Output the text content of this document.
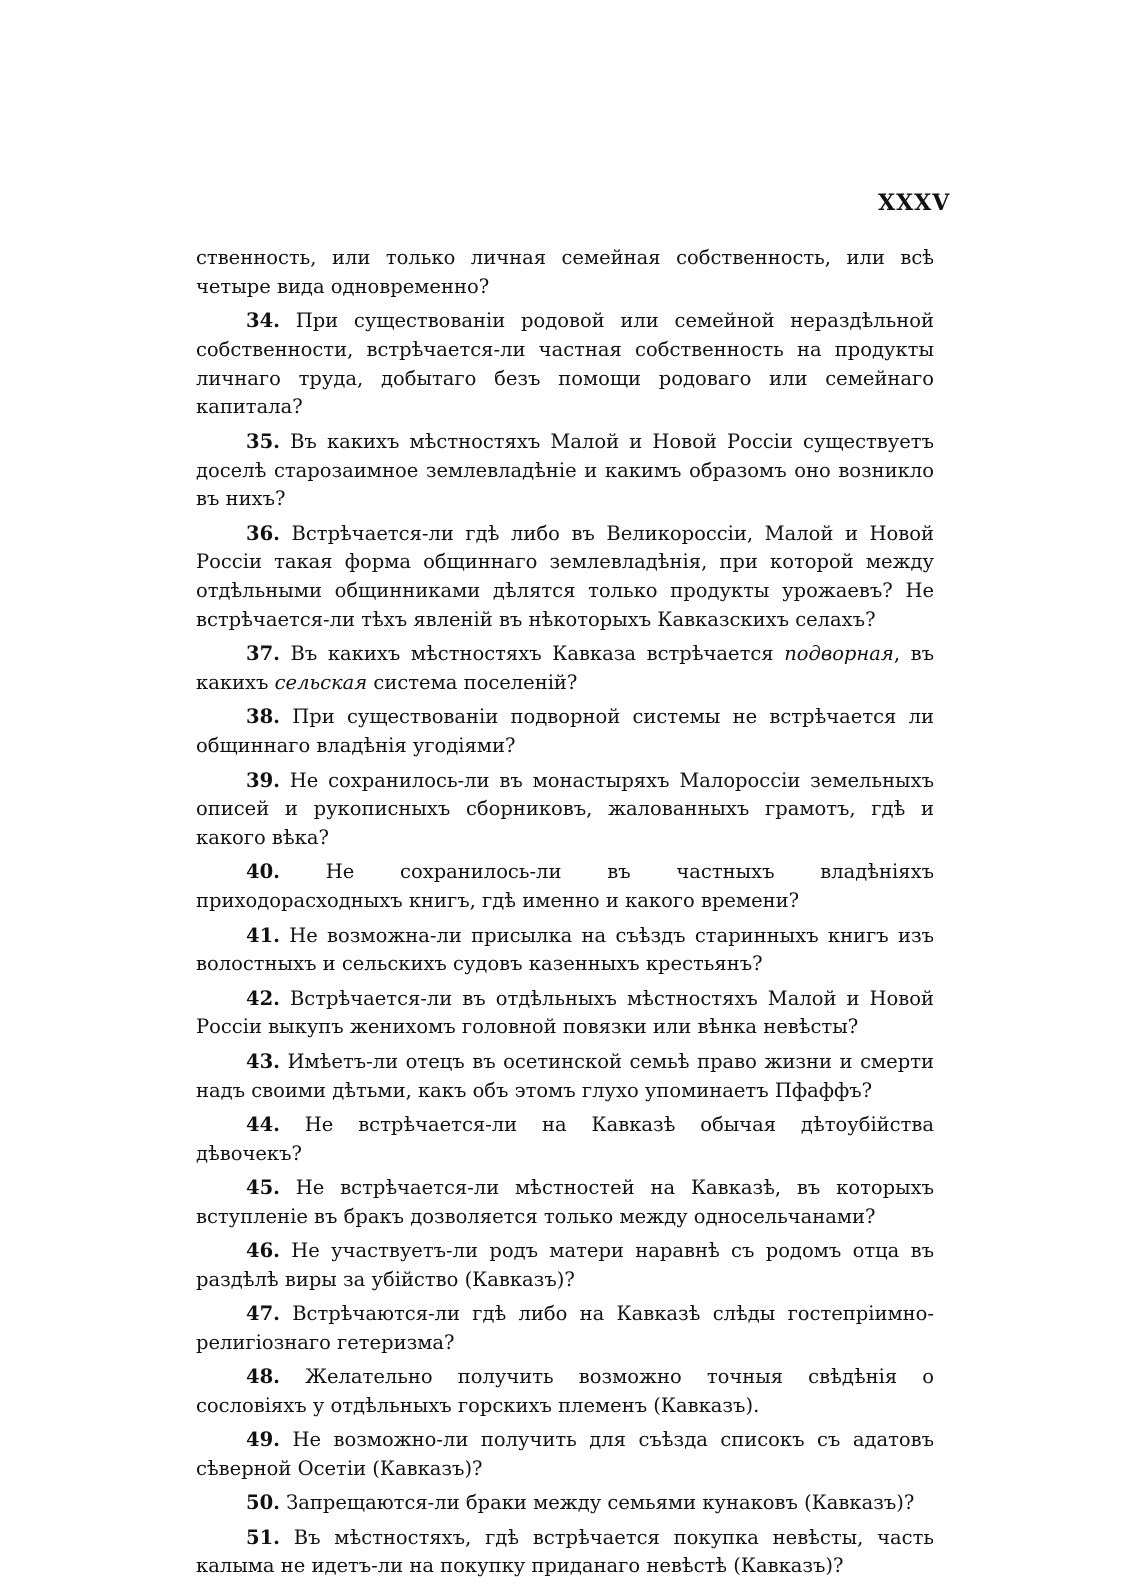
XXXV

ственность, или только личная семейная собственность, или всѣ четыре вида одновременно?

34. При существованіи родовой или семейной нераздѣльной собственности, встрѣчается-ли частная собственность на продукты личнаго труда, добытаго безъ помощи родоваго или семейнаго капитала?

35. Въ какихъ мѣстностяхъ Малой и Новой Россіи существуетъ доселѣ старозаимное землевладѣніе и какимъ образомъ оно возникло въ нихъ?

36. Встрѣчается-ли гдѣ либо въ Великороссіи, Малой и Новой Россіи такая форма общиннаго землевладѣнія, при которой между отдѣльными общинниками дѣлятся только продукты урожаевъ? Не встрѣчается-ли тѣхъ явленій въ нѣкоторыхъ Кавказскихъ селахъ?

37. Въ какихъ мѣстностяхъ Кавказа встрѣчается подворная, въ какихъ сельская система поселеній?

38. При существованіи подворной системы не встрѣчается ли общиннаго владѣнія угодіями?

39. Не сохранилось-ли въ монастыряхъ Малороссіи земельныхъ описей и рукописныхъ сборниковъ, жалованныхъ грамотъ, гдѣ и какого вѣка?

40. Не сохранилось-ли въ частныхъ владѣніяхъ приходорасходныхъ книгъ, гдѣ именно и какого времени?

41. Не возможна-ли присылка на съѣздъ старинныхъ книгъ изъ волостныхъ и сельскихъ судовъ казенныхъ крестьянъ?

42. Встрѣчается-ли въ отдѣльныхъ мѣстностяхъ Малой и Новой Россіи выкупъ женихомъ головной повязки или вѣнка невѣсты?

43. Имѣетъ-ли отецъ въ осетинской семьѣ право жизни и смерти надъ своими дѣтьми, какъ объ этомъ глухо упоминаетъ Пфаффъ?

44. Не встрѣчается-ли на Кавказѣ обычая дѣтоубійства дѣвочекъ?

45. Не встрѣчается-ли мѣстностей на Кавказѣ, въ которыхъ вступленіе въ бракъ дозволяется только между односельчанами?

46. Не участвуетъ-ли родъ матери наравнѣ съ родомъ отца въ раздѣлѣ виры за убійство (Кавказъ)?

47. Встрѣчаются-ли гдѣ либо на Кавказѣ слѣды гостепріимно-религіознаго гетеризма?

48. Желательно получить возможно точныя свѣдѣнія о сословіяхъ у отдѣльныхъ горскихъ племенъ (Кавказъ).

49. Не возможно-ли получить для съѣзда списокъ съ адатовъ сѣверной Осетіи (Кавказъ)?

50. Запрещаются-ли браки между семьями кунаковъ (Кавказъ)?

51. Въ мѣстностяхъ, гдѣ встрѣчается покупка невѣсты, часть калыма не идетъ-ли на покупку приданаго невѣстѣ (Кавказъ)?
